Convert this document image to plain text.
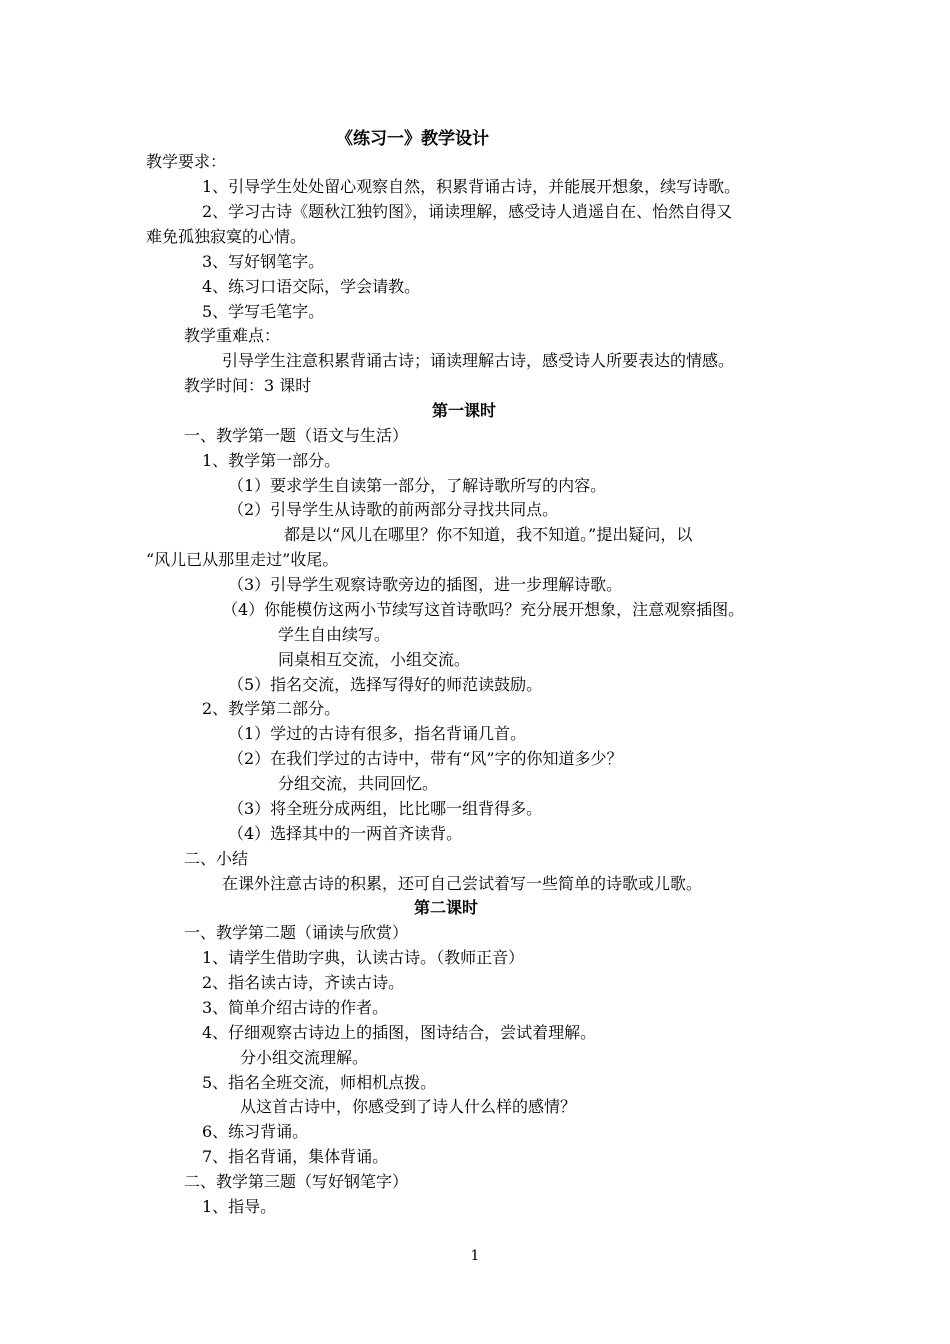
《练习一》教学设计
教学要求：
1、引导学生处处留心观察自然，积累背诵古诗，并能展开想象，续写诗歌。
2、学习古诗《题秋江独钓图》，诵读理解，感受诗人逍遥自在、怡然自得又
难免孤独寂寞的心情。
3、写好钢笔字。
4、练习口语交际，学会请教。
5、学写毛笔字。
教学重难点：
引导学生注意积累背诵古诗；诵读理解古诗，感受诗人所要表达的情感。
教学时间：3 课时
第一课时
一、教学第一题（语文与生活）
1、教学第一部分。
（1）要求学生自读第一部分，了解诗歌所写的内容。
（2）引导学生从诗歌的前两部分寻找共同点。
都是以“风儿在哪里？你不知道，我不知道。”提出疑问，以
“风儿已从那里走过”收尾。
（3）引导学生观察诗歌旁边的插图，进一步理解诗歌。
（4）你能模仿这两小节续写这首诗歌吗？充分展开想象，注意观察插图。
学生自由续写。
同桌相互交流，小组交流。
（5）指名交流，选择写得好的师范读鼓励。
2、教学第二部分。
（1）学过的古诗有很多，指名背诵几首。
（2）在我们学过的古诗中，带有“风”字的你知道多少？
分组交流，共同回忆。
（3）将全班分成两组，比比哪一组背得多。
（4）选择其中的一两首齐读背。
二、小结
在课外注意古诗的积累，还可自己尝试着写一些简单的诗歌或儿歌。
第二课时
一、教学第二题（诵读与欣赏）
1、请学生借助字典，认读古诗。（教师正音）
2、指名读古诗，齐读古诗。
3、简单介绍古诗的作者。
4、仔细观察古诗边上的插图，图诗结合，尝试着理解。
分小组交流理解。
5、指名全班交流，师相机点拨。
从这首古诗中，你感受到了诗人什么样的感情？
6、练习背诵。
7、指名背诵，集体背诵。
二、教学第三题（写好钢笔字）
1、指导。
1
